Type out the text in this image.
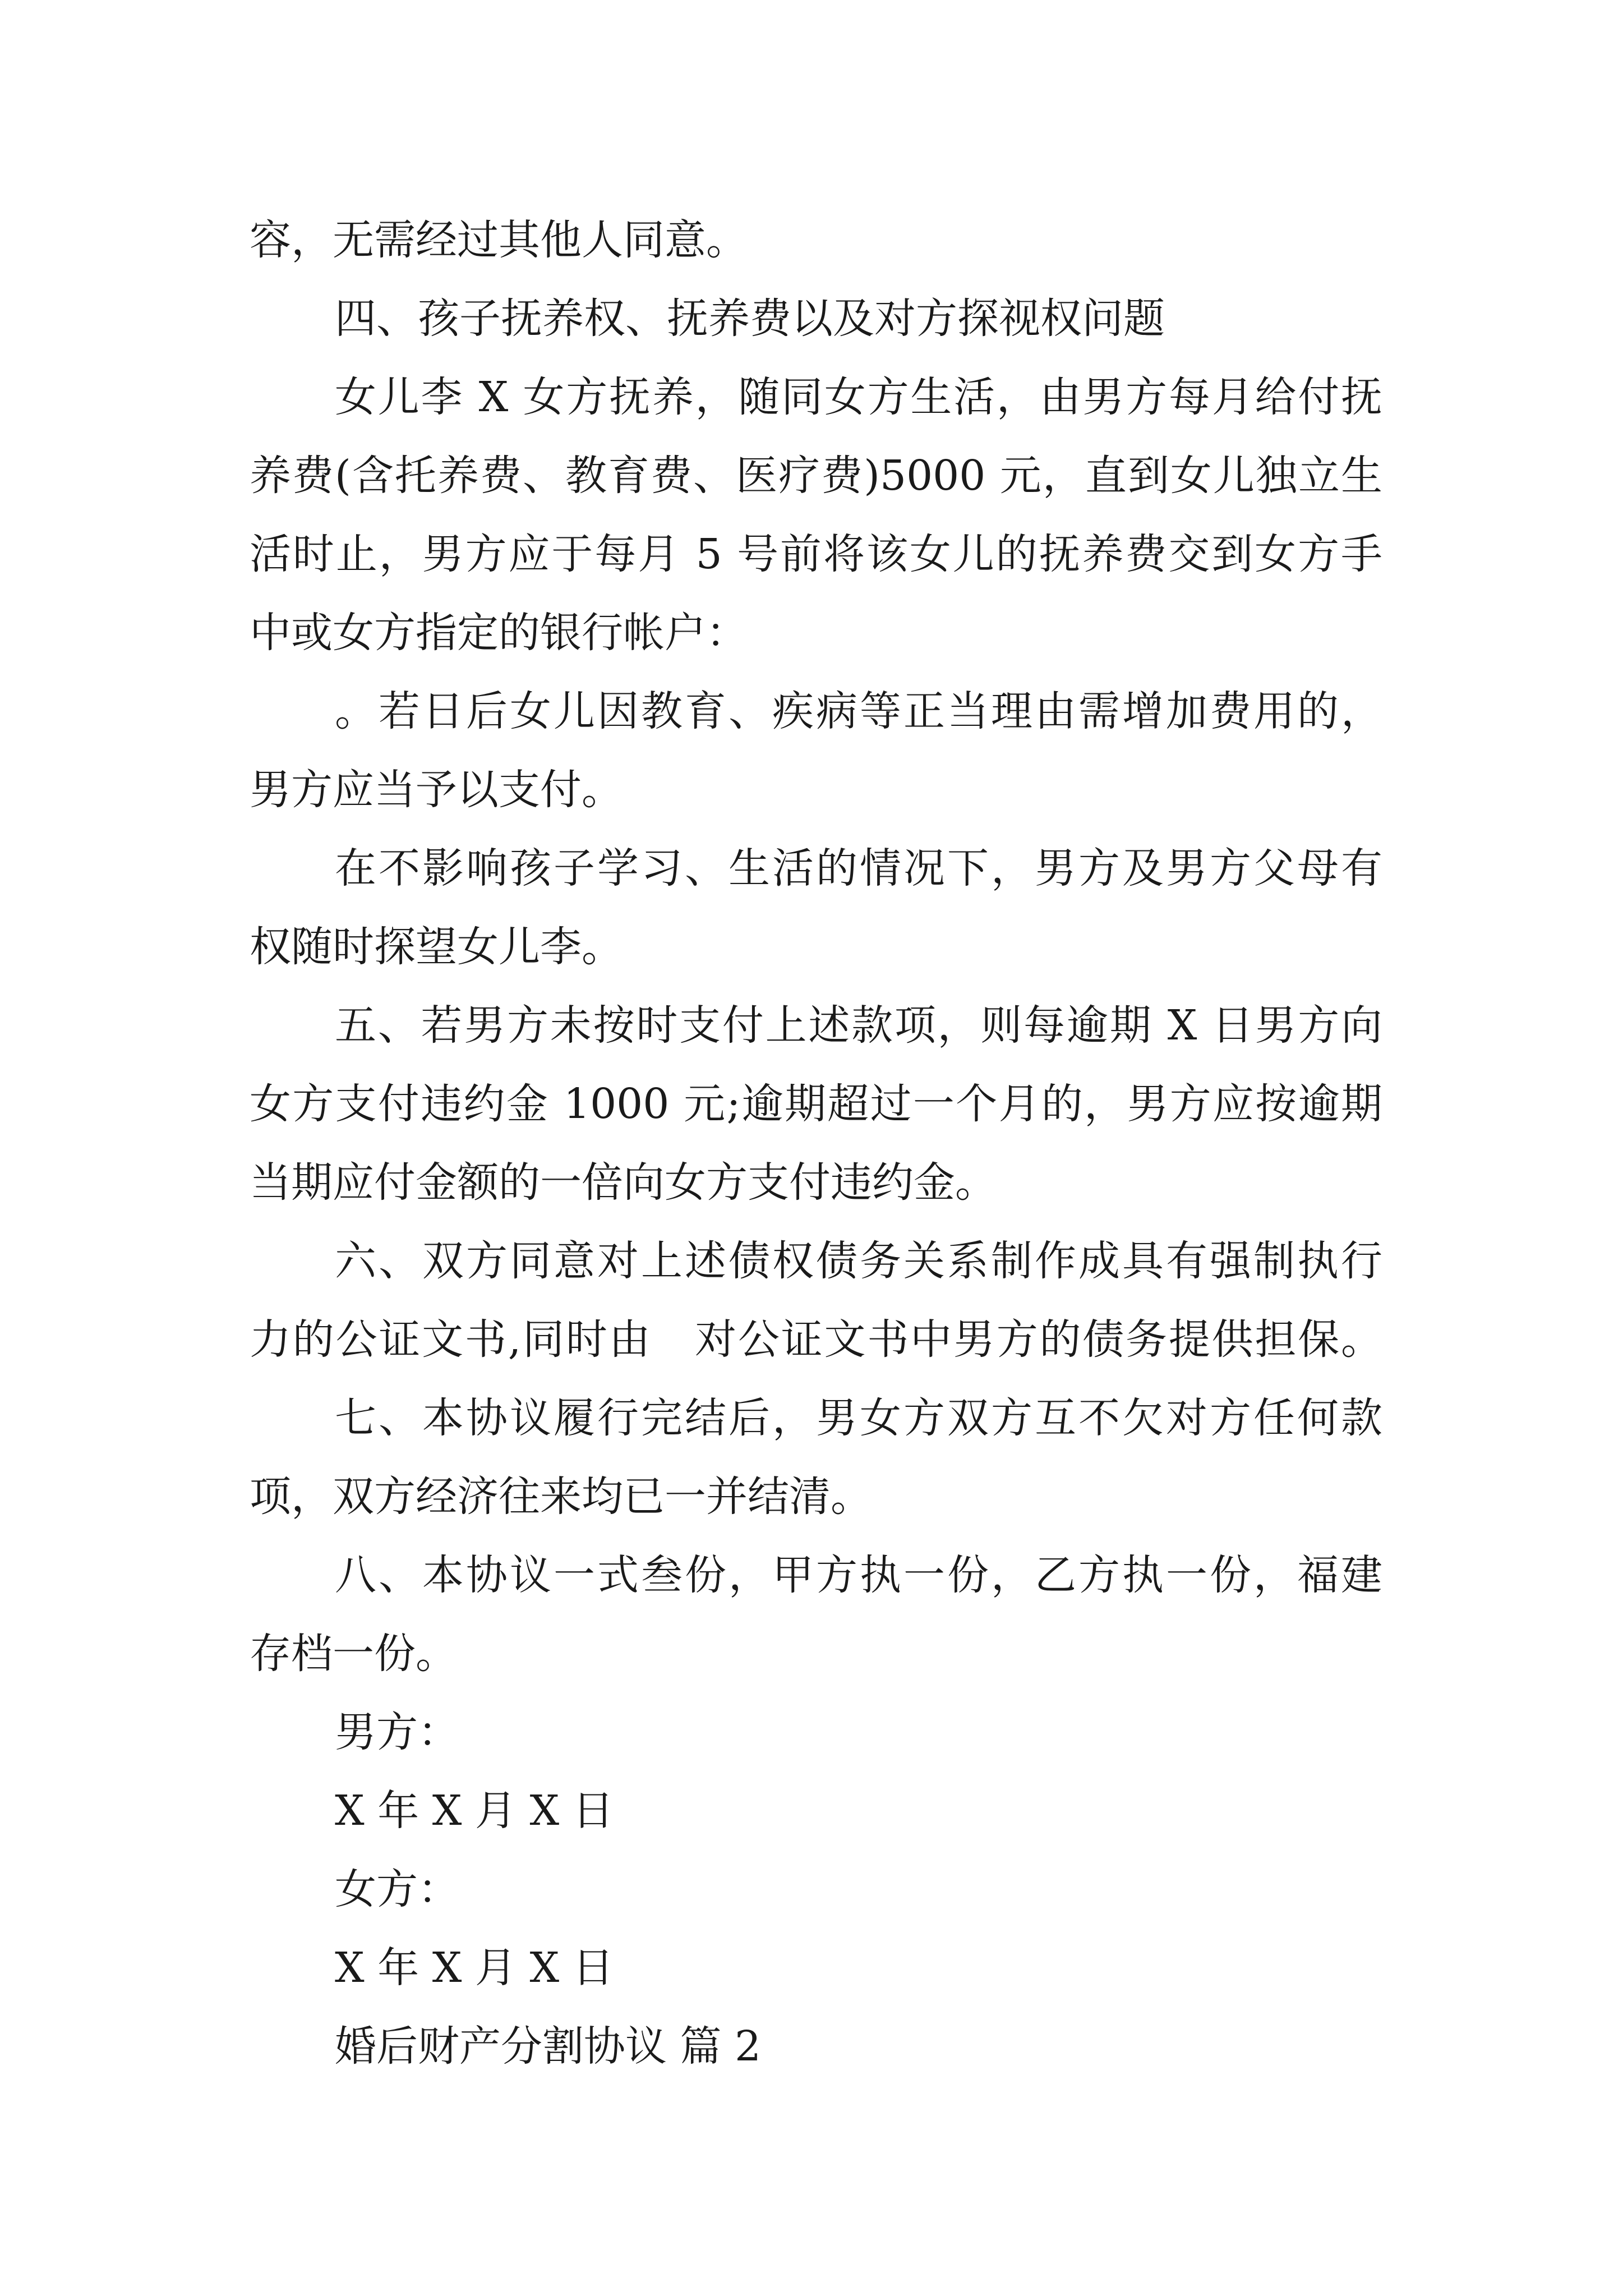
容，无需经过其他人同意。

四、孩子抚养权、抚养费以及对方探视权问题

女儿李 X 女方抚养，随同女方生活，由男方每月给付抚

养费(含托养费、教育费、医疗费)5000 元，直到女儿独立生

活时止，男方应于每月 5 号前将该女儿的抚养费交到女方手

中或女方指定的银行帐户：

。若日后女儿因教育、疾病等正当理由需增加费用的，

男方应当予以支付。

在不影响孩子学习、生活的情况下，男方及男方父母有

权随时探望女儿李。

五、若男方未按时支付上述款项，则每逾期 X 日男方向

女方支付违约金 1000 元;逾期超过一个月的，男方应按逾期

当期应付金额的一倍向女方支付违约金。

六、双方同意对上述债权债务关系制作成具有强制执行

力的公证文书,同时由　对公证文书中男方的债务提供担保。

七、本协议履行完结后，男女方双方互不欠对方任何款

项，双方经济往来均已一并结清。

八、本协议一式叁份，甲方执一份，乙方执一份，福建

存档一份。

男方：

X 年 X 月 X 日

女方：

X 年 X 月 X 日

婚后财产分割协议 篇 2
